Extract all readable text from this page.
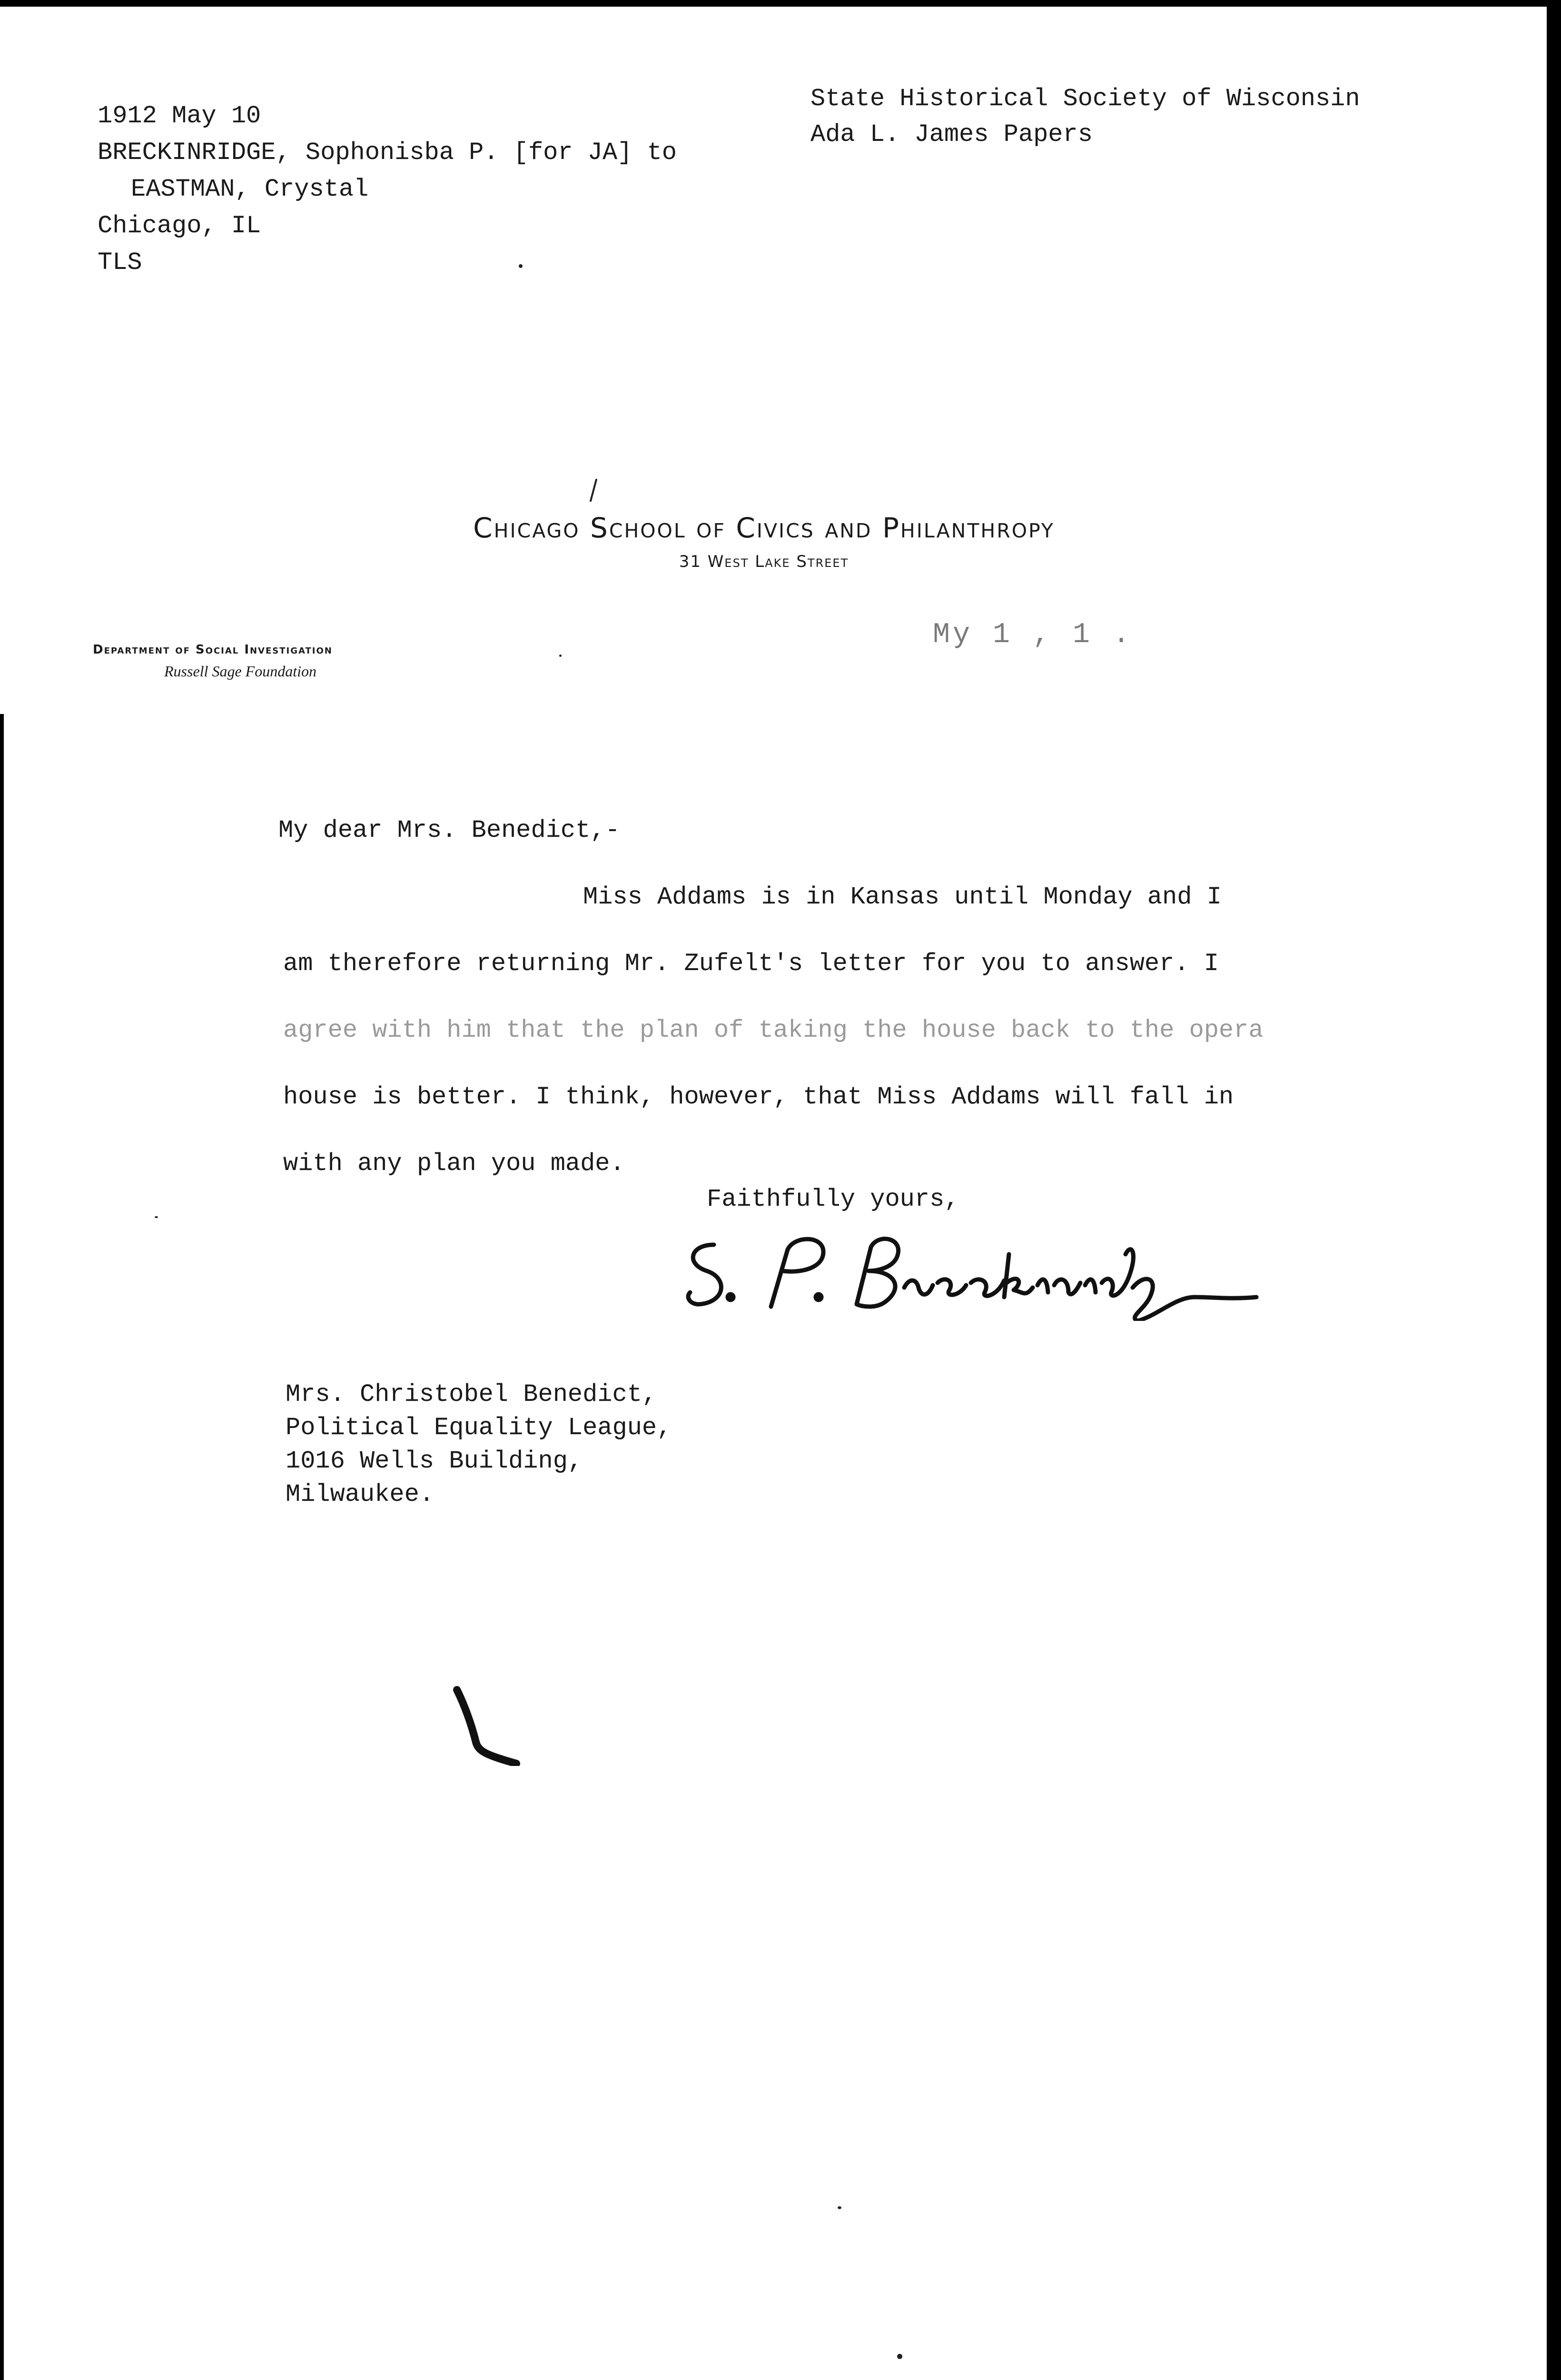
1912 May 10
BRECKINRIDGE, Sophonisba P. [for JA] to
EASTMAN, Crystal
Chicago, IL
TLS
State Historical Society of Wisconsin
Ada L. James Papers
Chicago School of Civics and Philanthropy
31 West Lake Street
Department of Social Investigation
Russell Sage Foundation
My 1 , 1 .
My dear Mrs. Benedict,-
Miss Addams is in Kansas until Monday and I
am therefore returning Mr. Zufelt's letter for you to answer. I
agree with him that the plan of taking the house back to the opera
house is better. I think, however, that Miss Addams will fall in
with any plan you made.
Faithfully yours,
Mrs. Christobel Benedict,
Political Equality League,
1016 Wells Building,
Milwaukee.
